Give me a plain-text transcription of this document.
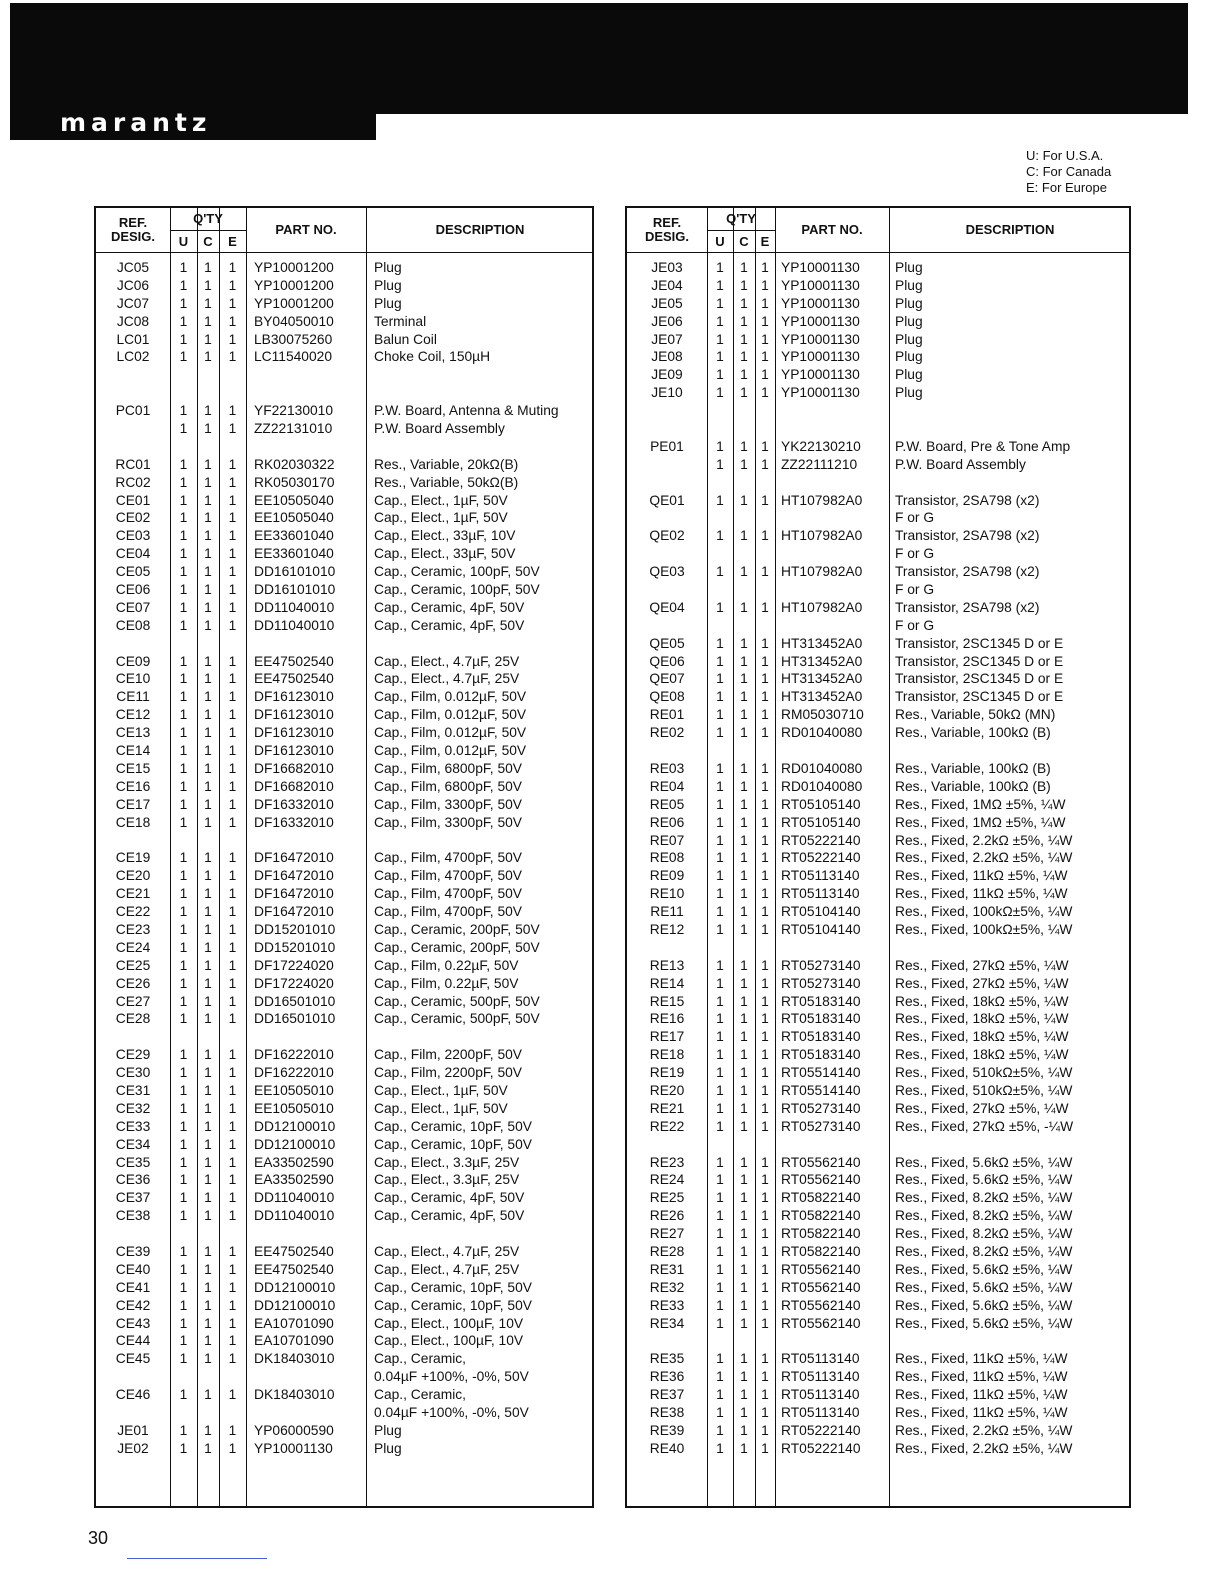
marantz
U: For U.S.A.
C: For Canada
E: For Europe
REF.
DESIG.
Q'TY
U	C	E
PART NO.	DESCRIPTION
JC05	1	1	1	YP10001200	Plug
JC06	1	1	1	YP10001200	Plug
JC07	1	1	1	YP10001200	Plug
JC08	1	1	1	BY04050010	Terminal
LC01	1	1	1	LB30075260	Balun Coil
LC02	1	1	1	LC11540020	Choke Coil, 150µH
PC01	1	1	1	YF22130010	P.W. Board, Antenna & Muting
1	1	1	ZZ22131010	P.W. Board Assembly
RC01	1	1	1	RK02030322	Res., Variable, 20kΩ(B)
RC02	1	1	1	RK05030170	Res., Variable, 50kΩ(B)
CE01	1	1	1	EE10505040	Cap., Elect., 1µF, 50V
CE02	1	1	1	EE10505040	Cap., Elect., 1µF, 50V
CE03	1	1	1	EE33601040	Cap., Elect., 33µF, 10V
CE04	1	1	1	EE33601040	Cap., Elect., 33µF, 50V
CE05	1	1	1	DD16101010	Cap., Ceramic, 100pF, 50V
CE06	1	1	1	DD16101010	Cap., Ceramic, 100pF, 50V
CE07	1	1	1	DD11040010	Cap., Ceramic, 4pF, 50V
CE08	1	1	1	DD11040010	Cap., Ceramic, 4pF, 50V
CE09	1	1	1	EE47502540	Cap., Elect., 4.7µF, 25V
CE10	1	1	1	EE47502540	Cap., Elect., 4.7µF, 25V
CE11	1	1	1	DF16123010	Cap., Film, 0.012µF, 50V
CE12	1	1	1	DF16123010	Cap., Film, 0.012µF, 50V
CE13	1	1	1	DF16123010	Cap., Film, 0.012µF, 50V
CE14	1	1	1	DF16123010	Cap., Film, 0.012µF, 50V
CE15	1	1	1	DF16682010	Cap., Film, 6800pF, 50V
CE16	1	1	1	DF16682010	Cap., Film, 6800pF, 50V
CE17	1	1	1	DF16332010	Cap., Film, 3300pF, 50V
CE18	1	1	1	DF16332010	Cap., Film, 3300pF, 50V
CE19	1	1	1	DF16472010	Cap., Film, 4700pF, 50V
CE20	1	1	1	DF16472010	Cap., Film, 4700pF, 50V
CE21	1	1	1	DF16472010	Cap., Film, 4700pF, 50V
CE22	1	1	1	DF16472010	Cap., Film, 4700pF, 50V
CE23	1	1	1	DD15201010	Cap., Ceramic, 200pF, 50V
CE24	1	1	1	DD15201010	Cap., Ceramic, 200pF, 50V
CE25	1	1	1	DF17224020	Cap., Film, 0.22µF, 50V
CE26	1	1	1	DF17224020	Cap., Film, 0.22µF, 50V
CE27	1	1	1	DD16501010	Cap., Ceramic, 500pF, 50V
CE28	1	1	1	DD16501010	Cap., Ceramic, 500pF, 50V
CE29	1	1	1	DF16222010	Cap., Film, 2200pF, 50V
CE30	1	1	1	DF16222010	Cap., Film, 2200pF, 50V
CE31	1	1	1	EE10505010	Cap., Elect., 1µF, 50V
CE32	1	1	1	EE10505010	Cap., Elect., 1µF, 50V
CE33	1	1	1	DD12100010	Cap., Ceramic, 10pF, 50V
CE34	1	1	1	DD12100010	Cap., Ceramic, 10pF, 50V
CE35	1	1	1	EA33502590	Cap., Elect., 3.3µF, 25V
CE36	1	1	1	EA33502590	Cap., Elect., 3.3µF, 25V
CE37	1	1	1	DD11040010	Cap., Ceramic, 4pF, 50V
CE38	1	1	1	DD11040010	Cap., Ceramic, 4pF, 50V
CE39	1	1	1	EE47502540	Cap., Elect., 4.7µF, 25V
CE40	1	1	1	EE47502540	Cap., Elect., 4.7µF, 25V
CE41	1	1	1	DD12100010	Cap., Ceramic, 10pF, 50V
CE42	1	1	1	DD12100010	Cap., Ceramic, 10pF, 50V
CE43	1	1	1	EA10701090	Cap., Elect., 100µF, 10V
CE44	1	1	1	EA10701090	Cap., Elect., 100µF, 10V
CE45	1	1	1	DK18403010	Cap., Ceramic,
0.04µF +100%, -0%, 50V
CE46	1	1	1	DK18403010	Cap., Ceramic,
0.04µF +100%, -0%, 50V
JE01	1	1	1	YP06000590	Plug
JE02	1	1	1	YP10001130	Plug
REF.
DESIG.
Q'TY
U	C E
PART NO.	DESCRIPTION
JE03	1	1 1 YP10001130	Plug
JE04	1	1 1 YP10001130	Plug
JE05	1	1 1 YP10001130	Plug
JE06	1	1 1 YP10001130	Plug
JE07	1	1 1 YP10001130	Plug
JE08	1	1 1 YP10001130	Plug
JE09	1	1 1 YP10001130	Plug
JE10	1	1 1 YP10001130	Plug
PE01	1	1 1 YK22130210 P.W. Board, Pre & Tone Amp
1	1 1 ZZ22111210	P.W. Board Assembly
QE01	1	1 1 HT107982A0 Transistor, 2SA798 (x2)
F or G
QE02	1	1 1 HT107982A0 Transistor, 2SA798 (x2)
F or G
QE03	1	1 1 HT107982A0 Transistor, 2SA798 (x2)
F or G
QE04	1	1 1 HT107982A0 Transistor, 2SA798 (x2)
F or G
QE05	1	1 1 HT313452A0 Transistor, 2SC1345 D or E
QE06	1	1 1 HT313452A0 Transistor, 2SC1345 D or E
QE07	1	1 1 HT313452A0 Transistor, 2SC1345 D or E
QE08	1	1 1 HT313452A0 Transistor, 2SC1345 D or E
RE01	1	1 1 RM05030710 Res., Variable, 50kΩ (MN)
RE02	1	1 1 RD01040080 Res., Variable, 100kΩ (B)
RE03	1	1 1 RD01040080 Res., Variable, 100kΩ (B)
RE04	1	1 1 RD01040080 Res., Variable, 100kΩ (B)
RE05	1	1 1 RT05105140 Res., Fixed, 1MΩ ±5%, ¼W
RE06	1	1 1 RT05105140 Res., Fixed, 1MΩ ±5%, ¼W
RE07	1	1 1 RT05222140 Res., Fixed, 2.2kΩ ±5%, ¼W
RE08	1	1 1 RT05222140 Res., Fixed, 2.2kΩ ±5%, ¼W
RE09	1	1 1 RT05113140	Res., Fixed, 11kΩ ±5%, ¼W
RE10	1	1 1 RT05113140	Res., Fixed, 11kΩ ±5%, ¼W
RE11	1	1 1 RT05104140 Res., Fixed, 100kΩ±5%, ¼W
RE12	1	1 1 RT05104140 Res., Fixed, 100kΩ±5%, ¼W
RE13	1	1 1 RT05273140 Res., Fixed, 27kΩ ±5%, ¼W
RE14	1	1 1 RT05273140 Res., Fixed, 27kΩ ±5%, ¼W
RE15	1	1 1 RT05183140 Res., Fixed, 18kΩ ±5%, ¼W
RE16	1	1 1 RT05183140 Res., Fixed, 18kΩ ±5%, ¼W
RE17	1	1 1 RT05183140 Res., Fixed, 18kΩ ±5%, ¼W
RE18	1	1 1 RT05183140 Res., Fixed, 18kΩ ±5%, ¼W
RE19	1	1 1 RT05514140 Res., Fixed, 510kΩ±5%, ¼W
RE20	1	1 1 RT05514140 Res., Fixed, 510kΩ±5%, ¼W
RE21	1	1 1 RT05273140 Res., Fixed, 27kΩ ±5%, ¼W
RE22	1	1 1 RT05273140 Res., Fixed, 27kΩ ±5%, -¼W
RE23	1	1 1 RT05562140 Res., Fixed, 5.6kΩ ±5%, ¼W
RE24	1	1 1 RT05562140 Res., Fixed, 5.6kΩ ±5%, ¼W
RE25	1	1 1 RT05822140 Res., Fixed, 8.2kΩ ±5%, ¼W
RE26	1	1 1 RT05822140 Res., Fixed, 8.2kΩ ±5%, ¼W
RE27	1	1 1 RT05822140 Res., Fixed, 8.2kΩ ±5%, ¼W
RE28	1	1 1 RT05822140 Res., Fixed, 8.2kΩ ±5%, ¼W
RE31	1	1 1 RT05562140 Res., Fixed, 5.6kΩ ±5%, ¼W
RE32	1	1 1 RT05562140 Res., Fixed, 5.6kΩ ±5%, ¼W
RE33	1	1 1 RT05562140 Res., Fixed, 5.6kΩ ±5%, ¼W
RE34	1	1 1 RT05562140 Res., Fixed, 5.6kΩ ±5%, ¼W
RE35	1	1 1 RT05113140	Res., Fixed, 11kΩ ±5%, ¼W
RE36	1	1 1 RT05113140	Res., Fixed, 11kΩ ±5%, ¼W
RE37	1	1 1 RT05113140	Res., Fixed, 11kΩ ±5%, ¼W
RE38	1	1 1 RT05113140	Res., Fixed, 11kΩ ±5%, ¼W
RE39	1	1 1 RT05222140 Res., Fixed, 2.2kΩ ±5%, ¼W
RE40	1	1 1 RT05222140 Res., Fixed, 2.2kΩ ±5%, ¼W
30
